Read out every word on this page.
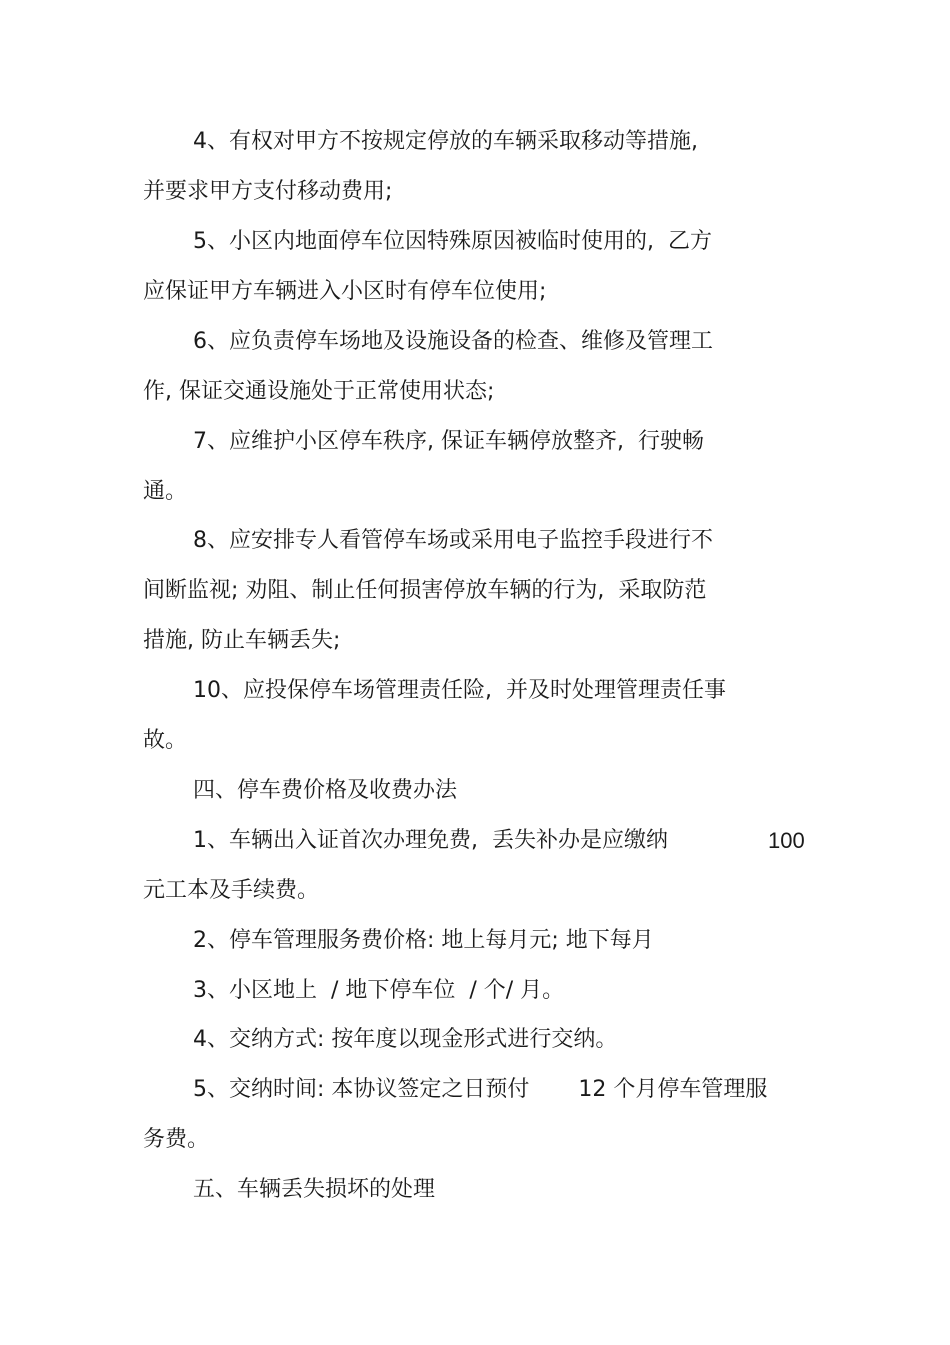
4、有权对甲方不按规定停放的车辆采取移动等措施,
并要求甲方支付移动费用;
5、小区内地面停车位因特殊原因被临时使用的,  乙方
应保证甲方车辆进入小区时有停车位使用;
6、应负责停车场地及设施设备的检查、维修及管理工
作, 保证交通设施处于正常使用状态;
7、应维护小区停车秩序, 保证车辆停放整齐,  行驶畅
通。
8、应安排专人看管停车场或采用电子监控手段进行不
间断监视; 劝阻、制止任何损害停放车辆的行为,  采取防范
措施, 防止车辆丢失;
10、应投保停车场管理责任险,  并及时处理管理责任事
故。
四、停车费价格及收费办法
1、车辆出入证首次办理免费,  丢失补办是应缴纳	100
元工本及手续费。
2、停车管理服务费价格: 地上每月元; 地下每月
3、小区地上  / 地下停车位  / 个/ 月。
4、交纳方式: 按年度以现金形式进行交纳。
5、交纳时间: 本协议签定之日预付       12 个月停车管理服
务费。
五、车辆丢失损坏的处理
